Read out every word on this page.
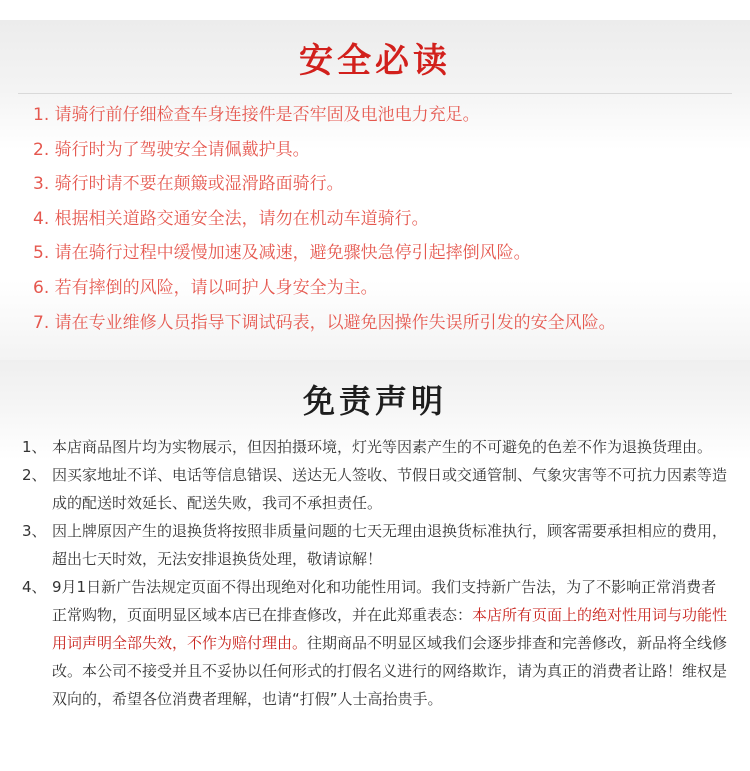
安全必读
1. 请骑行前仔细检查车身连接件是否牢固及电池电力充足。
2. 骑行时为了驾驶安全请佩戴护具。
3. 骑行时请不要在颠簸或湿滑路面骑行。
4. 根据相关道路交通安全法，请勿在机动车道骑行。
5. 请在骑行过程中缓慢加速及减速，避免骤快急停引起摔倒风险。
6. 若有摔倒的风险，请以呵护人身安全为主。
7. 请在专业维修人员指导下调试码表，以避免因操作失误所引发的安全风险。
免责声明
1、 本店商品图片均为实物展示，但因拍摄环境，灯光等因素产生的不可避免的色差不作为退换货理由。
2、 因买家地址不详、电话等信息错误、送达无人签收、节假日或交通管制、气象灾害等不可抗力因素等造成的配送时效延长、配送失败，我司不承担责任。
3、 因上牌原因产生的退换货将按照非质量问题的七天无理由退换货标准执行，顾客需要承担相应的费用，超出七天时效，无法安排退换货处理，敬请谅解！
4、 9月1日新广告法规定页面不得出现绝对化和功能性用词。我们支持新广告法，为了不影响正常消费者正常购物，页面明显区域本店已在排查修改，并在此郑重表态：本店所有页面上的绝对性用词与功能性用词声明全部失效，不作为赔付理由。往期商品不明显区域我们会逐步排查和完善修改，新品将全线修改。本公司不接受并且不妥协以任何形式的打假名义进行的网络欺诈，请为真正的消费者让路！维权是双向的，希望各位消费者理解，也请“打假”人士高抬贵手。
